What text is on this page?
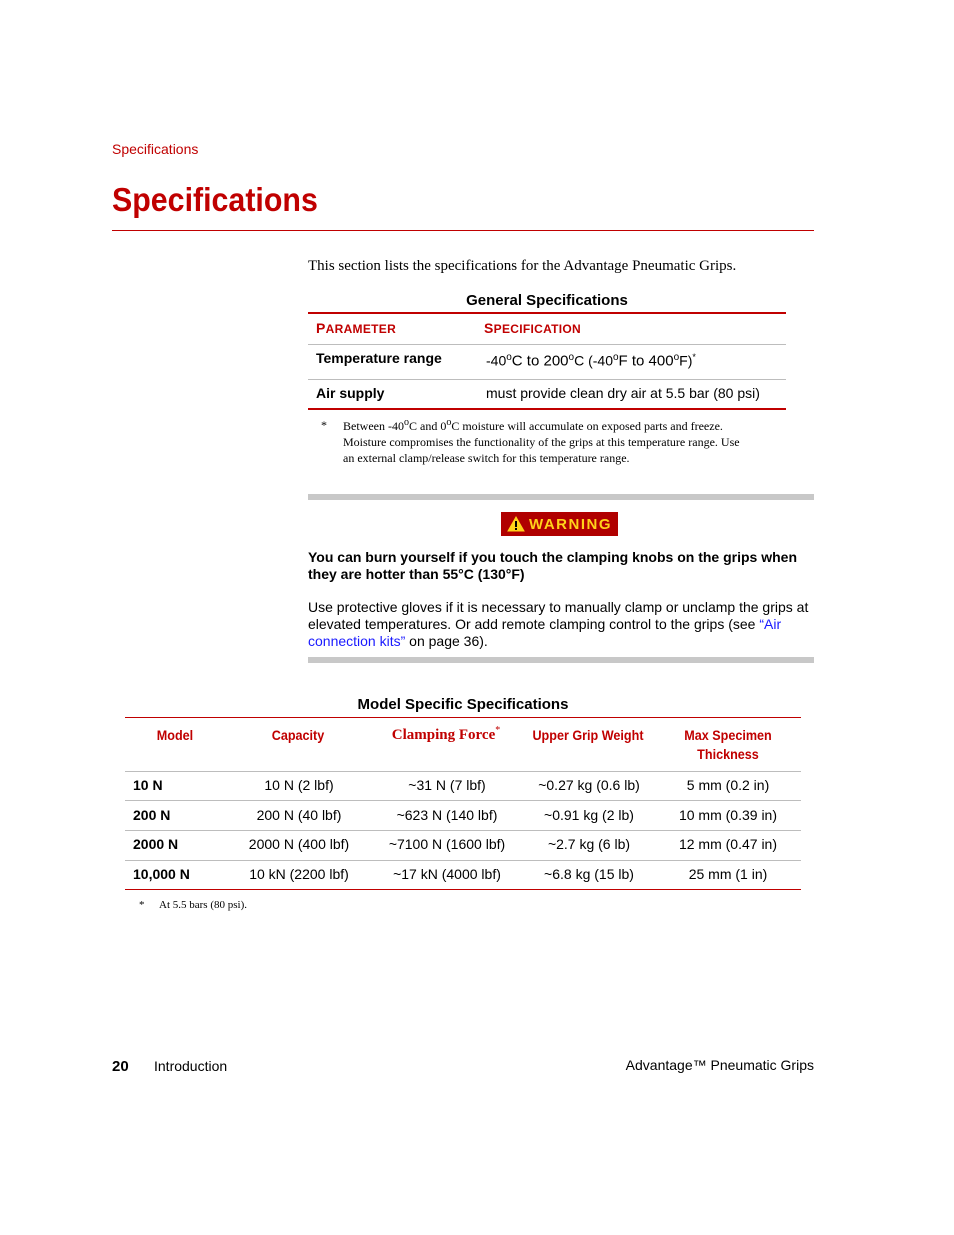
Specifications
Specifications
This section lists the specifications for the Advantage Pneumatic Grips.
General Specifications
PARAMETER	SPECIFICATION
Temperature range	-40$^o$C to 200$^o$C (-40$^o$F to 400$^o$F)*
Air supply	must provide clean dry air at 5.5 bar (80 psi)
* Between -40$^o$C and 0$^o$C moisture will accumulate on exposed parts and freeze.
Moisture compromises the functionality of the grips at this temperature range. Use
an external clamp/release switch for this temperature range.
WARNING
You can burn yourself if you touch the clamping knobs on the grips when they are hotter than 55°C (130°F)
Use protective gloves if it is necessary to manually clamp or unclamp the grips at elevated temperatures. Or add remote clamping control to the grips (see “Air connection kits” on page 36).
Model Specific Specifications
Model	Capacity	Clamping Force*	Upper Grip Weight	Max Specimen Thickness
10 N	10 N (2 lbf)	~31 N (7 lbf)	~0.27 kg (0.6 lb)	5 mm (0.2 in)
200 N	200 N (40 lbf)	~623 N (140 lbf)	~0.91 kg (2 lb)	10 mm (0.39 in)
2000 N	2000 N (400 lbf)	~7100 N (1600 lbf)	~2.7 kg (6 lb)	12 mm (0.47 in)
10,000 N	10 kN (2200 lbf)	~17 kN (4000 lbf)	~6.8 kg (15 lb)	25 mm (1 in)
* At 5.5 bars (80 psi).
20 Introduction	Advantage™ Pneumatic Grips
